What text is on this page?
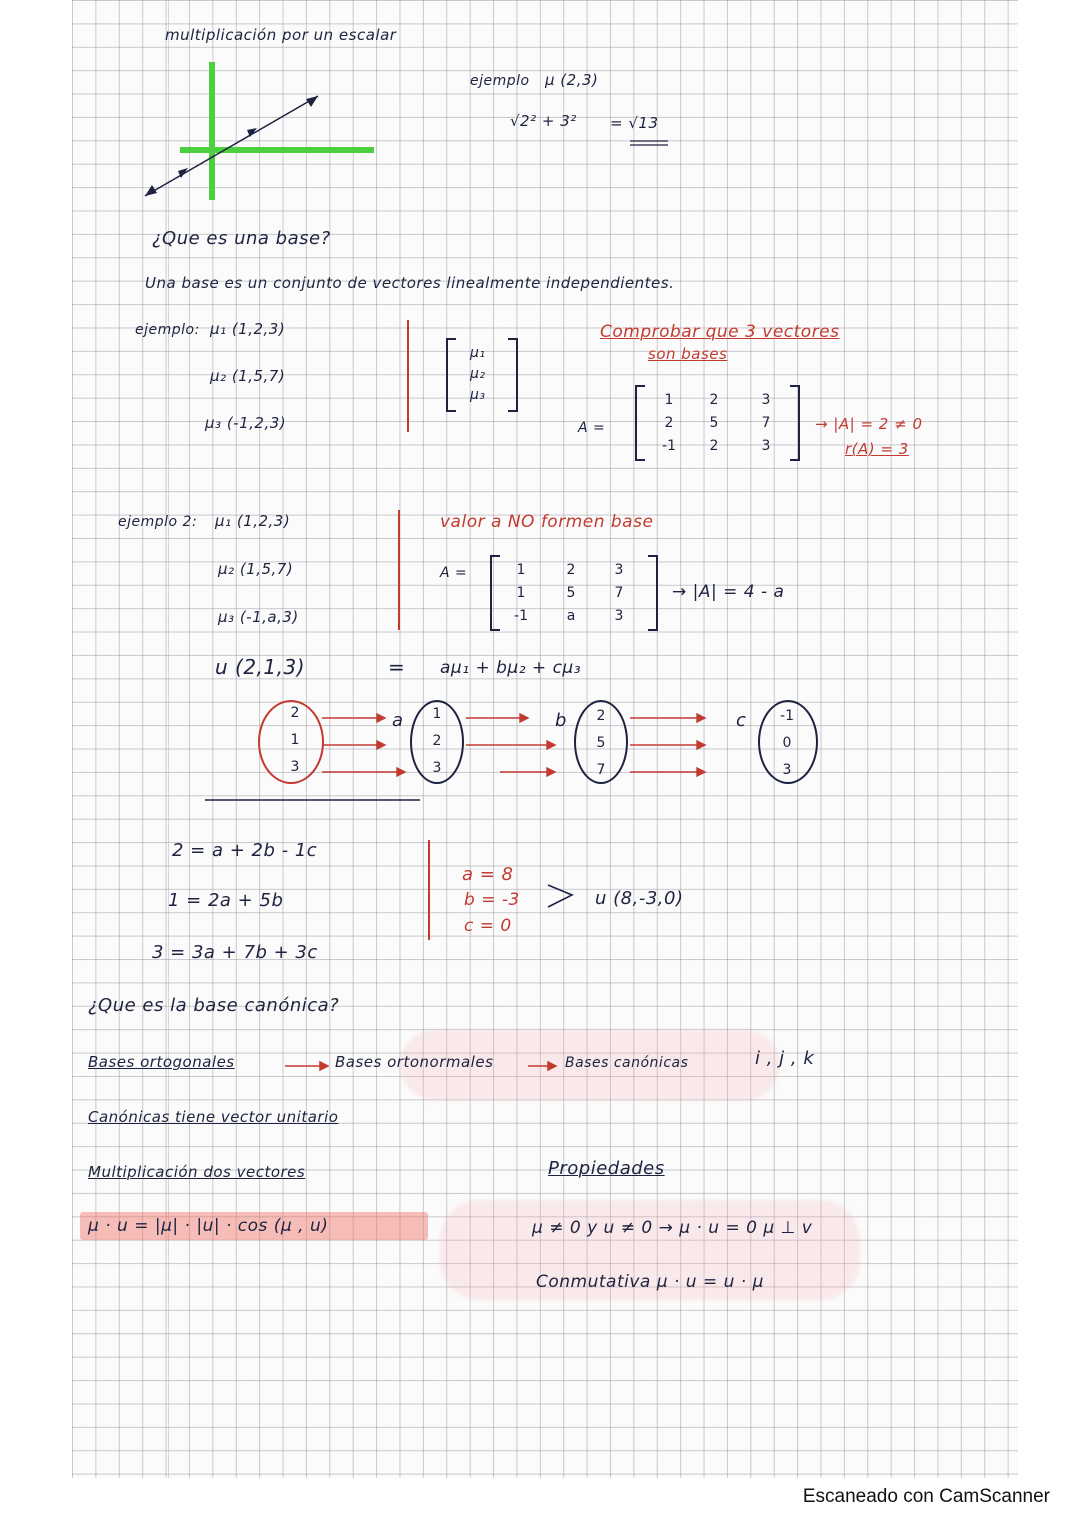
multiplicación por un escalar
ejemplo μ (2,3)
√2² + 3² = √13
¿Que es una base?
Una base es un conjunto de vectores linealmente independientes.
ejemplo: μ₁ (1,2,3)
μ₂ (1,5,7)
μ₃ (-1,2,3)
μ₁
μ₂
μ₃
Comprobar que 3 vectores
son bases
A =
1	2	3
2	5	7
-1	2	3
→ |A| = 2 ≠ 0
r(A) = 3
ejemplo 2: μ₁ (1,2,3)
μ₂ (1,5,7)
μ₃ (-1,a,3)
valor a NO formen base
A =	1	2	3
1	5	7
-1	a	3
→ |A| = 4 - a
u (2,1,3)	= aμ₁ + bμ₂ + cμ₃
2
1
3
a	1
2
3
b	2
5
7
c -1
0
3
2 = a + 2b - 1c
1 = 2a + 5b
3 = 3a + 7b + 3c
a = 8
b = -3
c = 0
u (8,-3,0)
¿Que es la base canónica?
Bases ortogonales	Bases ortonormales	Bases canónicas	i , j , k
Canónicas tiene vector unitario
Multiplicación dos vectores
μ · u = |μ| · |u| · cos (μ , u)
Propiedades
μ ≠ 0 y u ≠ 0 → μ · u = 0 μ ⊥ v
Conmutativa μ · u = u · μ
Escaneado con CamScanner
